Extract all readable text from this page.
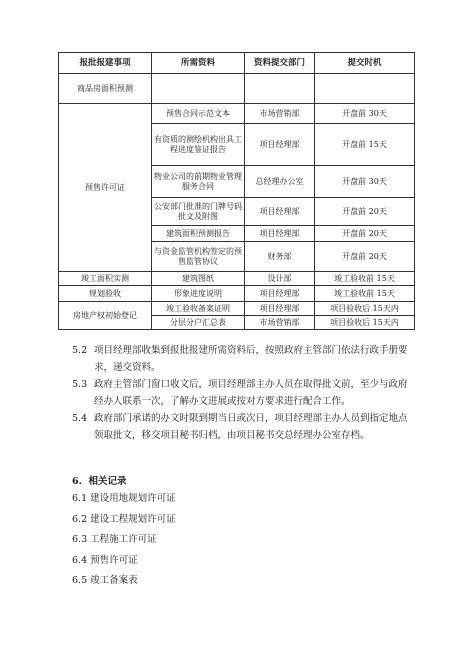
报批报建事项	所需资料	资料提交部门	提交时机
商品房面积预测			
预售许可证	预售合同示范文本	市场营销部	开盘前 30天
	有资质的测绘机构出具工程进度鉴证报告	项目经理部	开盘前 15天
	物业公司的前期物业管理服务合同	总经理办公室	开盘前 30天
	公安部门批准的门牌号码批文及附图	项目经理部	开盘前 20天
	建筑面积预测报告	项目经理部	开盘前 20天
	与资金监管机构签定的预售监管协议	财务部	开盘前 20天
竣工面积实测	建筑图纸	设计部	竣工验收前 15天
规划验收	形象进度说明	项目经理部	竣工验收前 15天
房地产权初始登记	竣工验收备案证明	项目经理部	项目验收后 15天内
	分层分户汇总表	市场营销部	项目验收后 15天内
5.2 项目经理部收集到报批报建所需资料后，按照政府主管部门依法行政手册要求，递交资料。
5.3 政府主管部门窗口收文后，项目经理部主办人员在取得批文前，至少与政府经办人联系一次，了解办文进展或按对方要求进行配合工作。
5.4 政府部门承诺的办文时限到期当日或次日，项目经理部主办人员到指定地点领取批文，移交项目秘书归档，由项目秘书交总经理办公室存档。
6. 相关记录
6.1 建设用地规划许可证
6.2 建设工程规划许可证
6.3 工程施工许可证
6.4 预售许可证
6.5 竣工备案表
